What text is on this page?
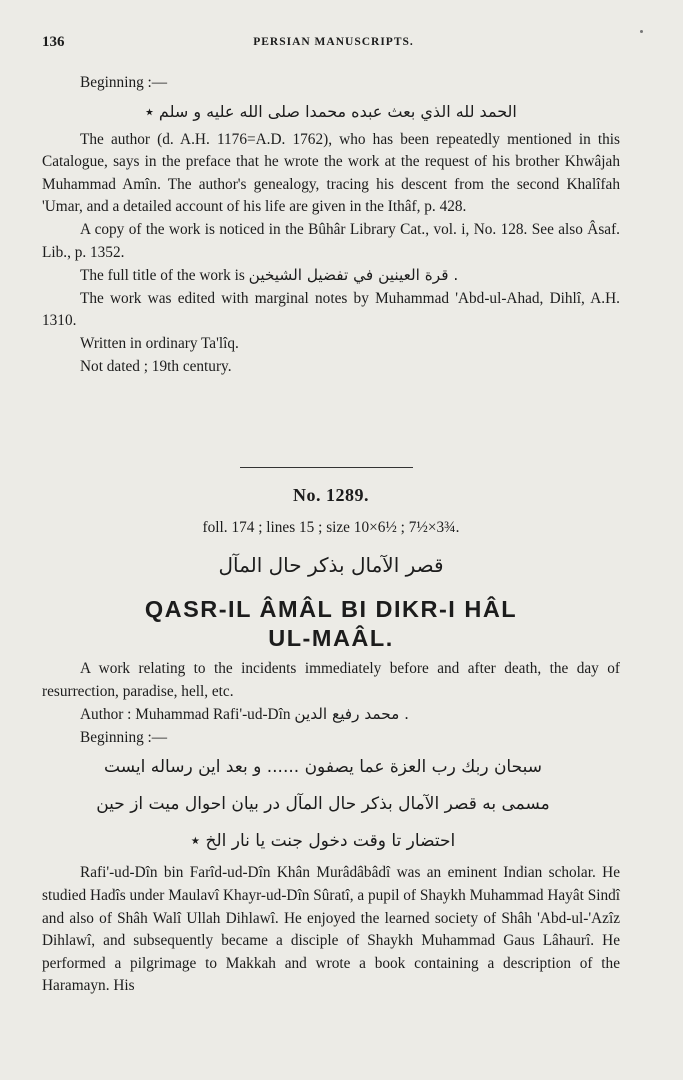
136	PERSIAN MANUSCRIPTS.
Beginning :—
الحمد لله الذي بعث عبده محمدا صلى الله عليه و سلم ٭
The author (d. A.H. 1176=A.D. 1762), who has been repeatedly mentioned in this Catalogue, says in the preface that he wrote the work at the request of his brother Khwâjah Muhammad Amîn. The author's genealogy, tracing his descent from the second Khalîfah 'Umar, and a detailed account of his life are given in the Ithâf, p. 428.
A copy of the work is noticed in the Bûhâr Library Cat., vol. i, No. 128. See also Âsaf. Lib., p. 1352.
The full title of the work is قرة العينين في تفضيل الشيخين .
The work was edited with marginal notes by Muhammad 'Abd-ul-Ahad, Dihlî, A.H. 1310.
Written in ordinary Ta'lîq.
Not dated ; 19th century.
No. 1289.
foll. 174 ; lines 15 ; size 10×6½ ; 7½×3¾.
قصر الآمال بذكر حال المآل
QASR-IL ÂMÂL BI DIKR-I HÂL
UL-MAÂL.
A work relating to the incidents immediately before and after death, the day of resurrection, paradise, hell, etc.
Author : Muhammad Rafi'-ud-Dîn محمد رفيع الدين .
Beginning :—
سبحان ربك رب العزة عما يصفون ...... و بعد این رساله ایست
مسمى به قصر الآمال بذكر حال المآل در بیان احوال میت از حین
احتضار تا وقت دخول جنت یا نار الخ ٭
Rafi'-ud-Dîn bin Farîd-ud-Dîn Khân Murâdâbâdî was an eminent Indian scholar. He studied Hadîs under Maulavî Khayr-ud-Dîn Sûratî, a pupil of Shaykh Muhammad Hayât Sindî and also of Shâh Walî Ullah Dihlawî. He enjoyed the learned society of Shâh 'Abd-ul-'Azîz Dihlawî, and subsequently became a disciple of Shaykh Muhammad Gaus Lâhaurî. He performed a pilgrimage to Makkah and wrote a book containing a description of the Haramayn. His
